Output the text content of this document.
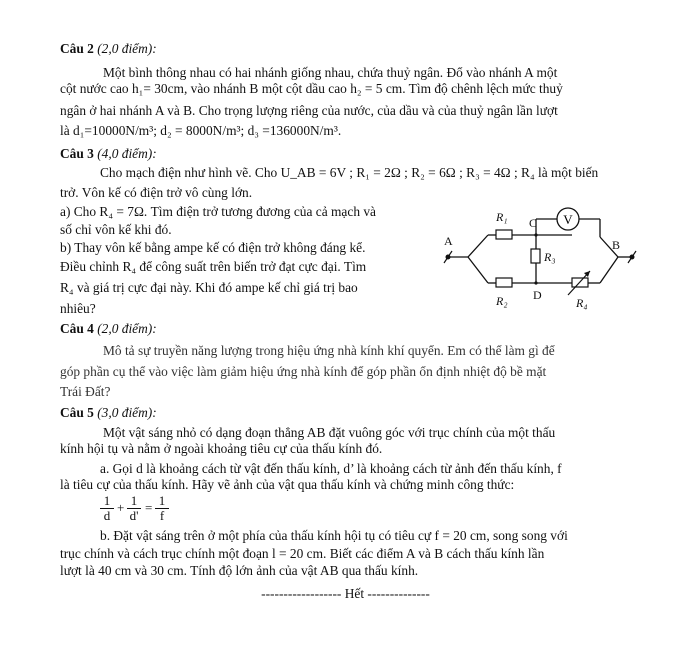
Câu 2 (2,0 điểm):
Một bình thông nhau có hai nhánh giống nhau, chứa thuỷ ngân. Đổ vào nhánh A một
cột nước cao h₁= 30cm, vào nhánh B một cột dầu cao h₂ = 5 cm. Tìm độ chênh lệch mức thuỷ
ngân ở hai nhánh A và B. Cho trọng lượng riêng của nước, của dầu và của thuỷ ngân lần lượt
là d₁=10000N/m³; d₂ = 8000N/m³; d₃ =136000N/m³.
Câu 3 (4,0 điểm):
Cho mạch điện như hình vẽ. Cho U_AB = 6V ; R₁ = 2Ω ; R₂ = 6Ω ; R₃ = 4Ω ; R₄ là một biến
trở. Vôn kế có điện trở vô cùng lớn.
a) Cho R₄ = 7Ω. Tìm điện trở tương đương của cả mạch và
số chỉ vôn kế khi đó.
b) Thay vôn kế bằng ampe kế có điện trở không đáng kể.
Điều chỉnh R₄ để công suất trên biến trở đạt cực đại. Tìm
R₄ và giá trị cực đại này. Khi đó ampe kế chỉ giá trị bao
nhiêu?
V
A	B
C
D
R₁
R₂
R₃
R₄
Câu 4 (2,0 điểm):
Mô tả sự truyền năng lượng trong hiệu ứng nhà kính khí quyển. Em có thể làm gì để
góp phần cụ thể vào việc làm giảm hiệu ứng nhà kính để góp phần ổn định nhiệt độ bề mặt
Trái Đất?
Câu 5 (3,0 điểm):
Một vật sáng nhỏ có dạng đoạn thẳng AB đặt vuông góc với trục chính của một thấu
kính hội tụ và nằm ở ngoài khoảng tiêu cự của thấu kính đó.
a. Gọi d là khoảng cách từ vật đến thấu kính, d’ là khoảng cách từ ảnh đến thấu kính, f
là tiêu cự của thấu kính. Hãy vẽ ảnh của vật qua thấu kính và chứng minh công thức:
$\frac{1}{d} + \frac{1}{d'} = \frac{1}{f}$
b. Đặt vật sáng trên ở một phía của thấu kính hội tụ có tiêu cự f = 20 cm, song song với
trục chính và cách trục chính một đoạn l = 20 cm. Biết các điểm A và B cách thấu kính lần
lượt là 40 cm và 30 cm. Tính độ lớn ảnh của vật AB qua thấu kính.
------------------ Hết --------------
